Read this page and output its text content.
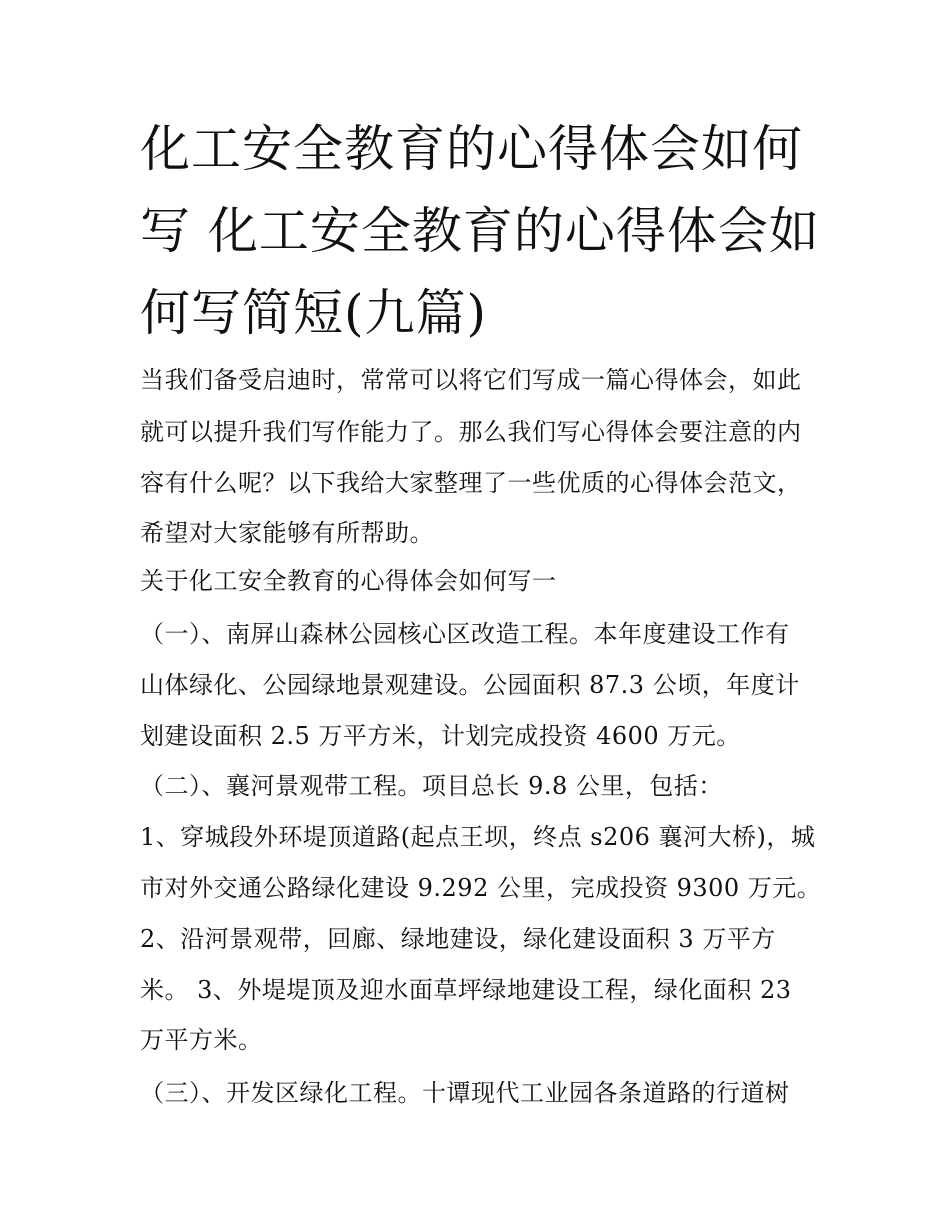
化工安全教育的心得体会如何
写 化工安全教育的心得体会如
何写简短(九篇)

当我们备受启迪时，常常可以将它们写成一篇心得体会，如此

就可以提升我们写作能力了。那么我们写心得体会要注意的内

容有什么呢？以下我给大家整理了一些优质的心得体会范文，

希望对大家能够有所帮助。

关于化工安全教育的心得体会如何写一

（一）、南屏山森林公园核心区改造工程。本年度建设工作有

山体绿化、公园绿地景观建设。公园面积 87.3 公顷，年度计

划建设面积 2.5 万平方米，计划完成投资 4600 万元。

（二）、襄河景观带工程。项目总长 9.8 公里，包括：

1、穿城段外环堤顶道路(起点王坝，终点 s206 襄河大桥)，城

市对外交通公路绿化建设 9.292 公里，完成投资 9300 万元。

2、沿河景观带，回廊、绿地建设，绿化建设面积 3 万平方

米。 3、外堤堤顶及迎水面草坪绿地建设工程，绿化面积 23

万平方米。

（三）、开发区绿化工程。十谭现代工业园各条道路的行道树
